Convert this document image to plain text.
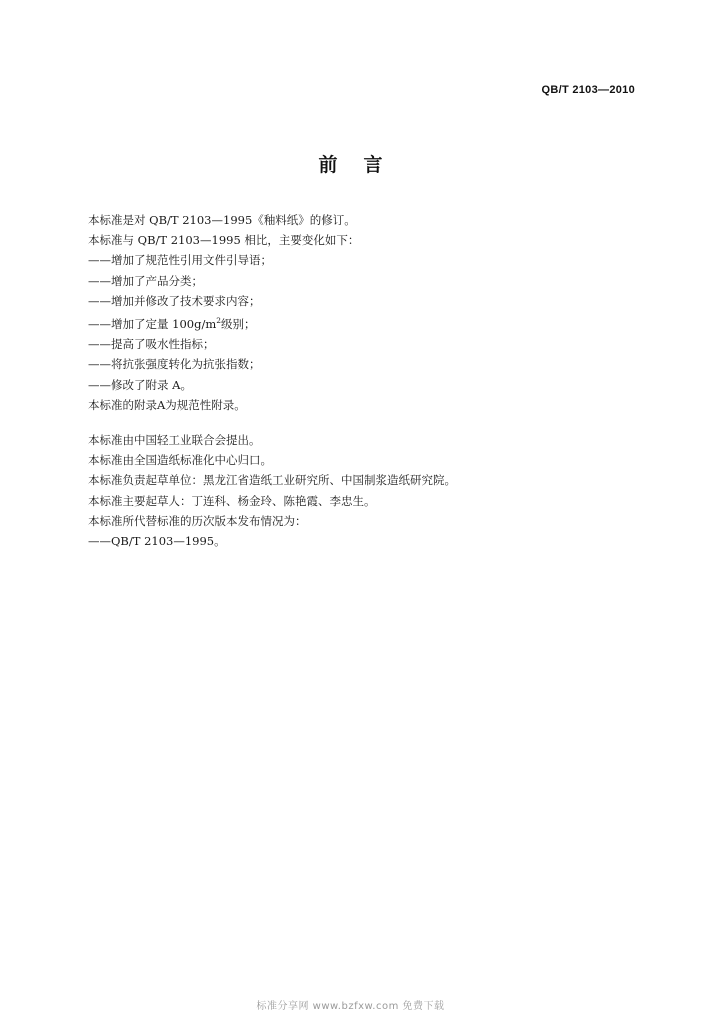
QB/T 2103—2010
前言
本标准是对 QB/T 2103—1995《釉料纸》的修订。
本标准与 QB/T 2103—1995 相比，主要变化如下：
——增加了规范性引用文件引导语；
——增加了产品分类；
——增加并修改了技术要求内容；
——增加了定量 $100g/m^2$级别；
——提高了吸水性指标；
——将抗张强度转化为抗张指数；
——修改了附录 A。
本标准的附录A为规范性附录。
本标准由中国轻工业联合会提出。
本标准由全国造纸标准化中心归口。
本标准负责起草单位：黑龙江省造纸工业研究所、中国制浆造纸研究院。
本标准主要起草人：丁连科、杨金玲、陈艳霞、李忠生。
本标准所代替标准的历次版本发布情况为：
——QB/T 2103—1995。
标准分享网 www.bzfxw.com 免费下载
